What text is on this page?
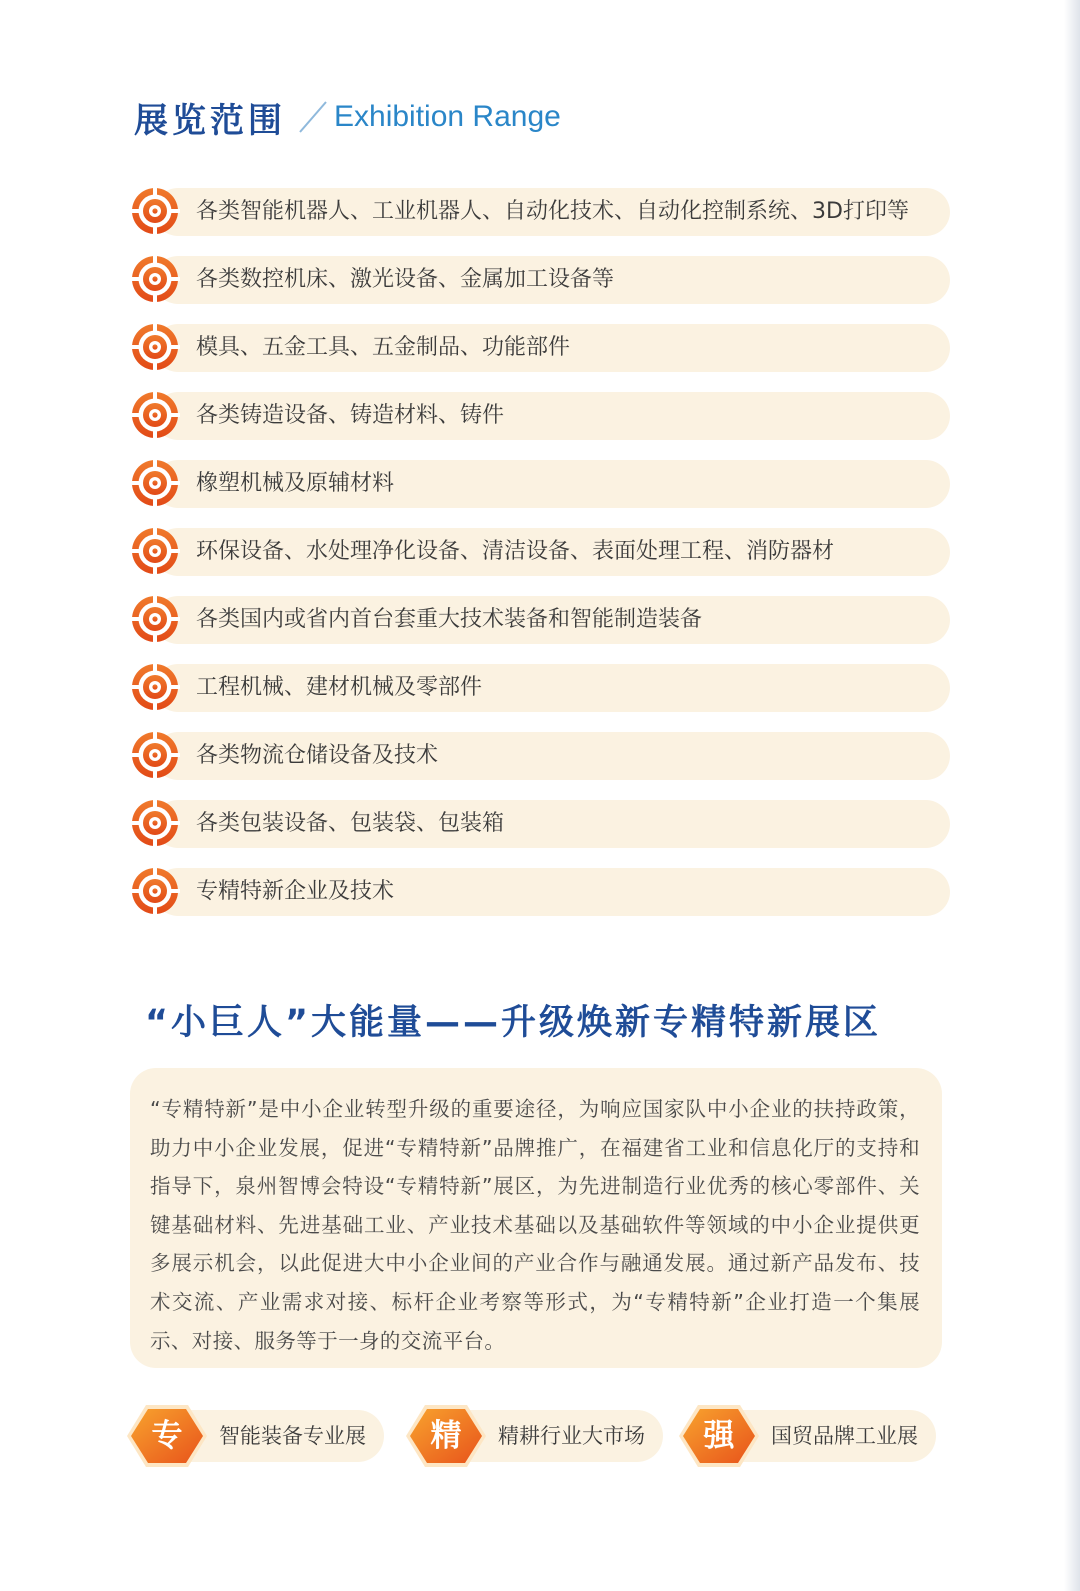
展览范围 Exhibition Range
各类智能机器人、工业机器人、自动化技术、自动化控制系统、3D打印等
各类数控机床、激光设备、金属加工设备等
模具、五金工具、五金制品、功能部件
各类铸造设备、铸造材料、铸件
橡塑机械及原辅材料
环保设备、水处理净化设备、清洁设备、表面处理工程、消防器材
各类国内或省内首台套重大技术装备和智能制造装备
工程机械、建材机械及零部件
各类物流仓储设备及技术
各类包装设备、包装袋、包装箱
专精特新企业及技术
“小巨人”大能量——升级焕新专精特新展区

“专精特新”是中小企业转型升级的重要途径，为响应国家队中小企业的扶持政策，助力中小企业发展，促进“专精特新”品牌推广，在福建省工业和信息化厅的支持和指导下，泉州智博会特设“专精特新”展区，为先进制造行业优秀的核心零部件、关键基础材料、先进基础工业、产业技术基础以及基础软件等领域的中小企业提供更多展示机会，以此促进大中小企业间的产业合作与融通发展。通过新产品发布、技术交流、产业需求对接、标杆企业考察等形式，为“专精特新”企业打造一个集展示、对接、服务等于一身的交流平台。

专	智能装备专业展	精	精耕行业大市场	强	国贸品牌工业展
